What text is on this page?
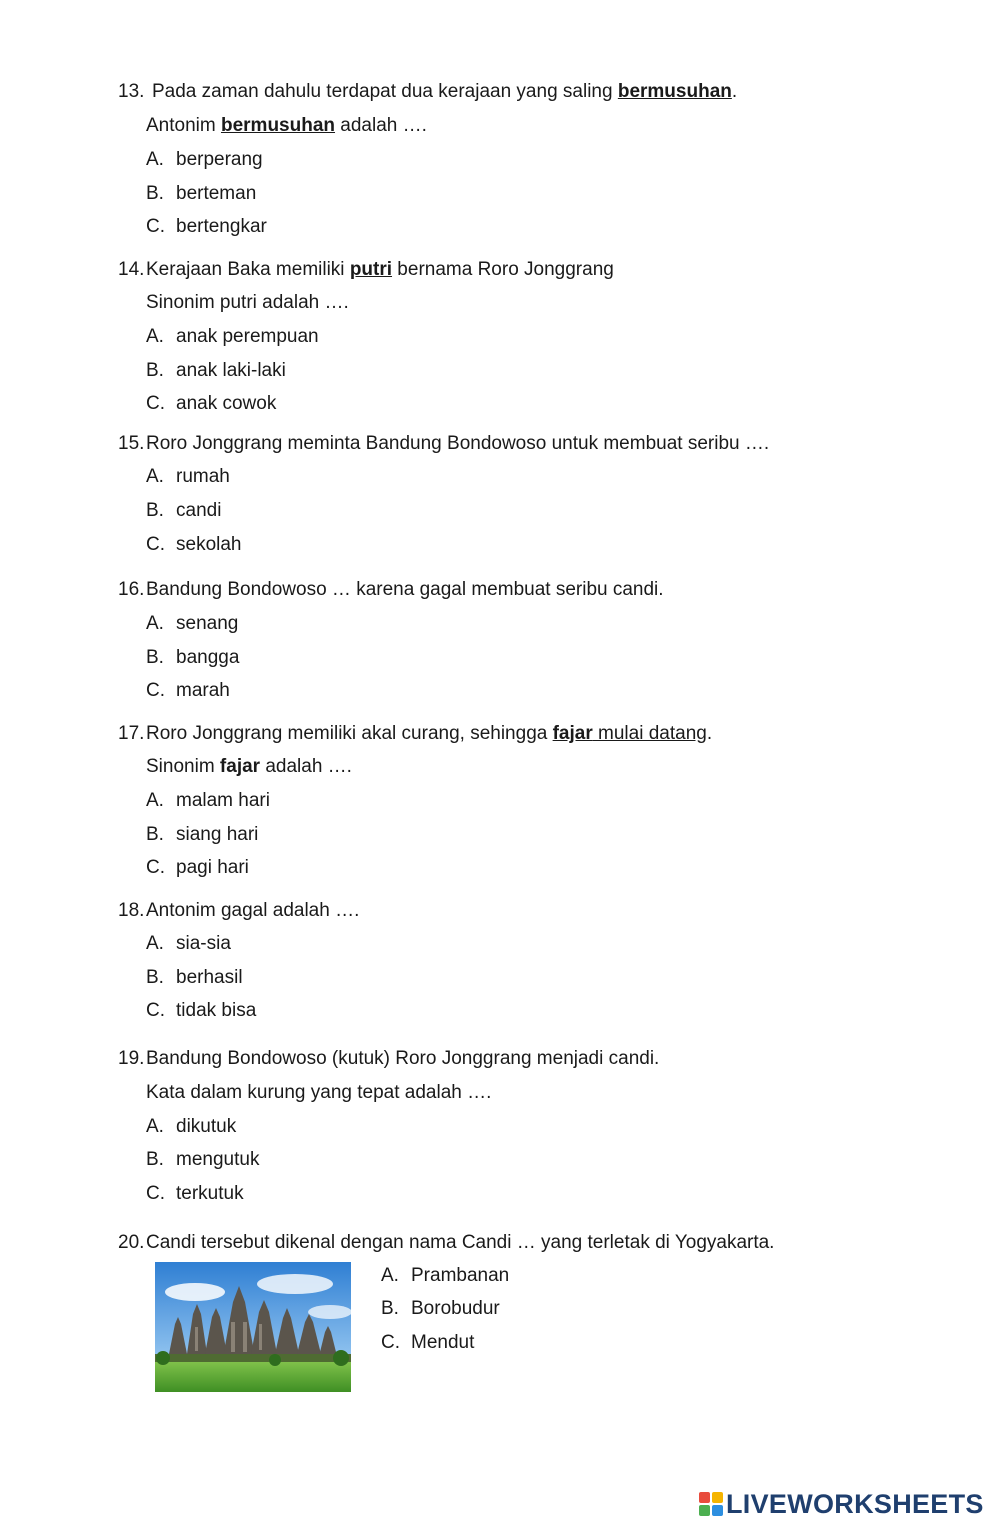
13. Pada zaman dahulu terdapat dua kerajaan yang saling bermusuhan.
Antonim bermusuhan adalah ….
A. berperang
B. berteman
C. bertengkar
14. Kerajaan Baka memiliki putri bernama Roro Jonggrang
Sinonim putri adalah ….
A. anak perempuan
B. anak laki-laki
C. anak cowok
15. Roro Jonggrang meminta Bandung Bondowoso untuk membuat seribu ….
A. rumah
B. candi
C. sekolah
16. Bandung Bondowoso … karena gagal membuat seribu candi.
A. senang
B. bangga
C. marah
17. Roro Jonggrang memiliki akal curang, sehingga fajar mulai datang.
Sinonim fajar adalah ….
A. malam hari
B. siang hari
C. pagi hari
18. Antonim gagal adalah ….
A. sia-sia
B. berhasil
C. tidak bisa
19. Bandung Bondowoso (kutuk) Roro Jonggrang menjadi candi.
Kata dalam kurung yang tepat adalah ….
A. dikutuk
B. mengutuk
C. terkutuk
20. Candi tersebut dikenal dengan nama Candi … yang terletak di Yogyakarta.
A. Prambanan
B. Borobudur
C. Mendut
LIVEWORKSHEETS
